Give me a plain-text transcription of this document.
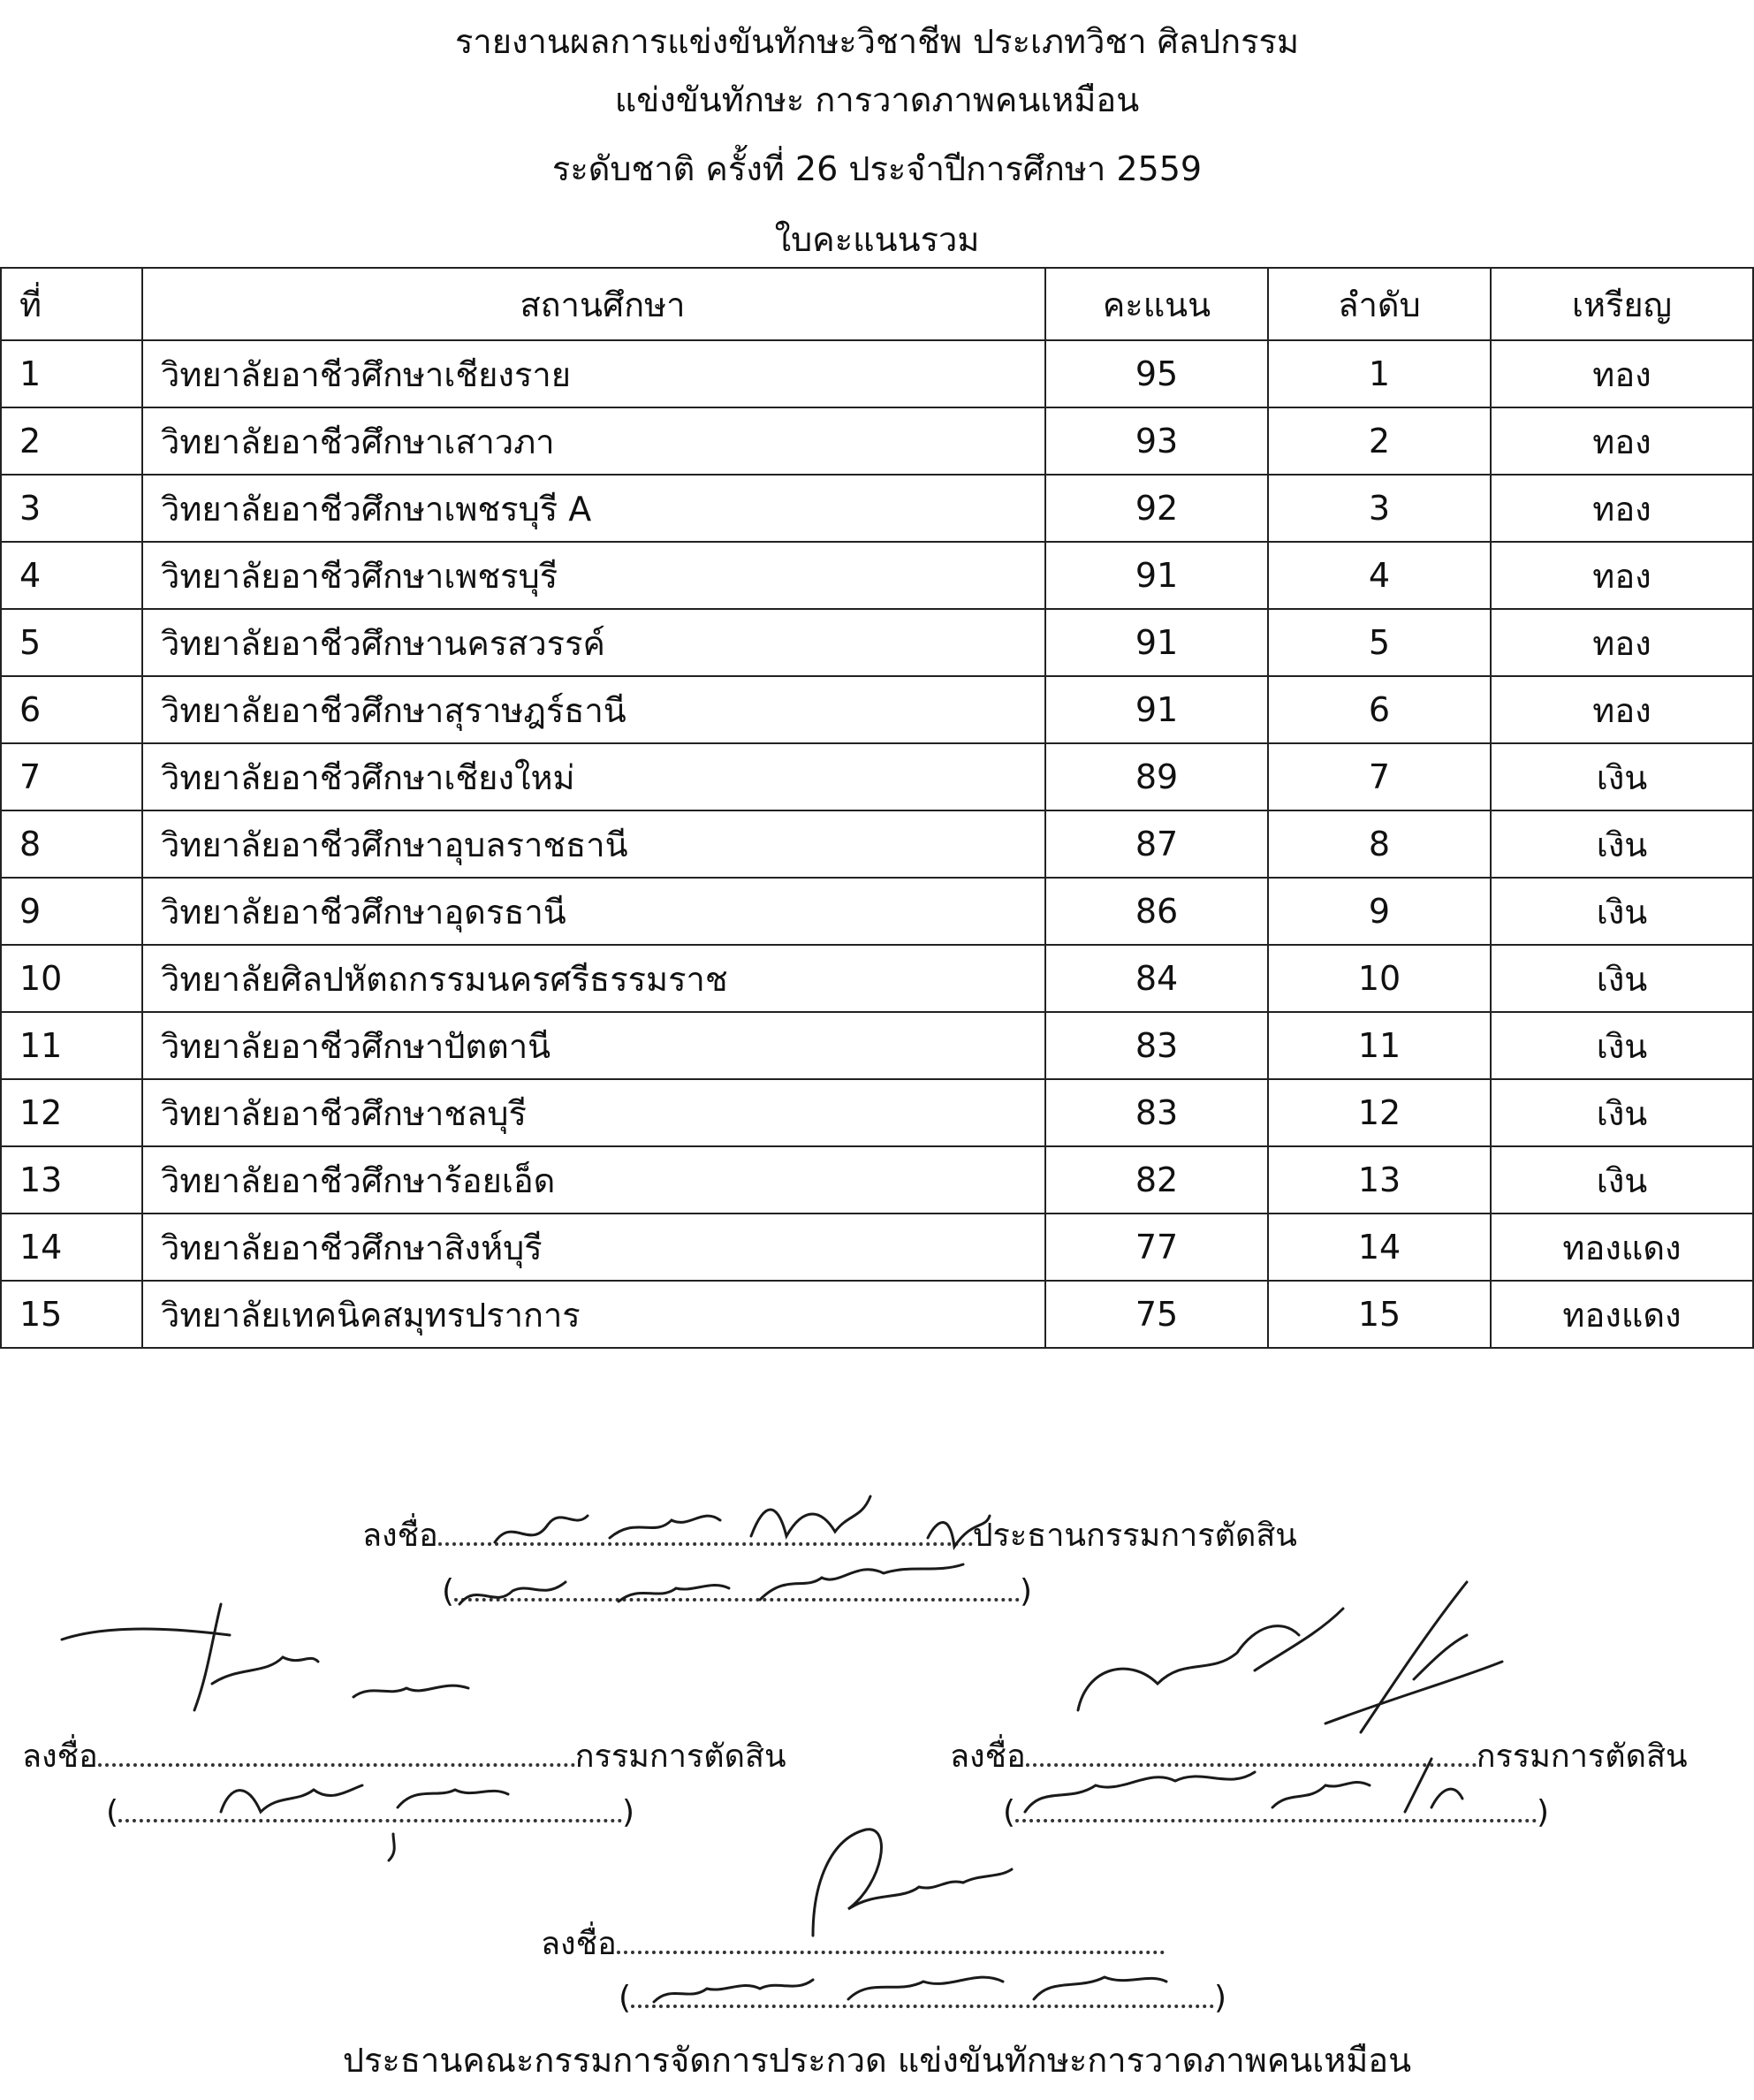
รายงานผลการแข่งขันทักษะวิชาชีพ ประเภทวิชา ศิลปกรรม
แข่งขันทักษะ การวาดภาพคนเหมือน
ระดับชาติ ครั้งที่ 26 ประจำปีการศึกษา 2559
ใบคะแนนรวม
ที่	สถานศึกษา	คะแนน	ลำดับ	เหรียญ
1	วิทยาลัยอาชีวศึกษาเชียงราย	95	1	ทอง
2	วิทยาลัยอาชีวศึกษาเสาวภา	93	2	ทอง
3	วิทยาลัยอาชีวศึกษาเพชรบุรี A	92	3	ทอง
4	วิทยาลัยอาชีวศึกษาเพชรบุรี	91	4	ทอง
5	วิทยาลัยอาชีวศึกษานครสวรรค์	91	5	ทอง
6	วิทยาลัยอาชีวศึกษาสุราษฎร์ธานี	91	6	ทอง
7	วิทยาลัยอาชีวศึกษาเชียงใหม่	89	7	เงิน
8	วิทยาลัยอาชีวศึกษาอุบลราชธานี	87	8	เงิน
9	วิทยาลัยอาชีวศึกษาอุดรธานี	86	9	เงิน
10	วิทยาลัยศิลปหัตถกรรมนครศรีธรรมราช	84	10	เงิน
11	วิทยาลัยอาชีวศึกษาปัตตานี	83	11	เงิน
12	วิทยาลัยอาชีวศึกษาชลบุรี	83	12	เงิน
13	วิทยาลัยอาชีวศึกษาร้อยเอ็ด	82	13	เงิน
14	วิทยาลัยอาชีวศึกษาสิงห์บุรี	77	14	ทองแดง
15	วิทยาลัยเทคนิคสมุทรปราการ	75	15	ทองแดง
ลงชื่อ	ประธานกรรมการตัดสิน
(	)
ลงชื่อ	กรรมการตัดสิน
(	)
ลงชื่อ	กรรมการตัดสิน
(	)
ลงชื่อ
(	)
ประธานคณะกรรมการจัดการประกวด แข่งขันทักษะการวาดภาพคนเหมือน
